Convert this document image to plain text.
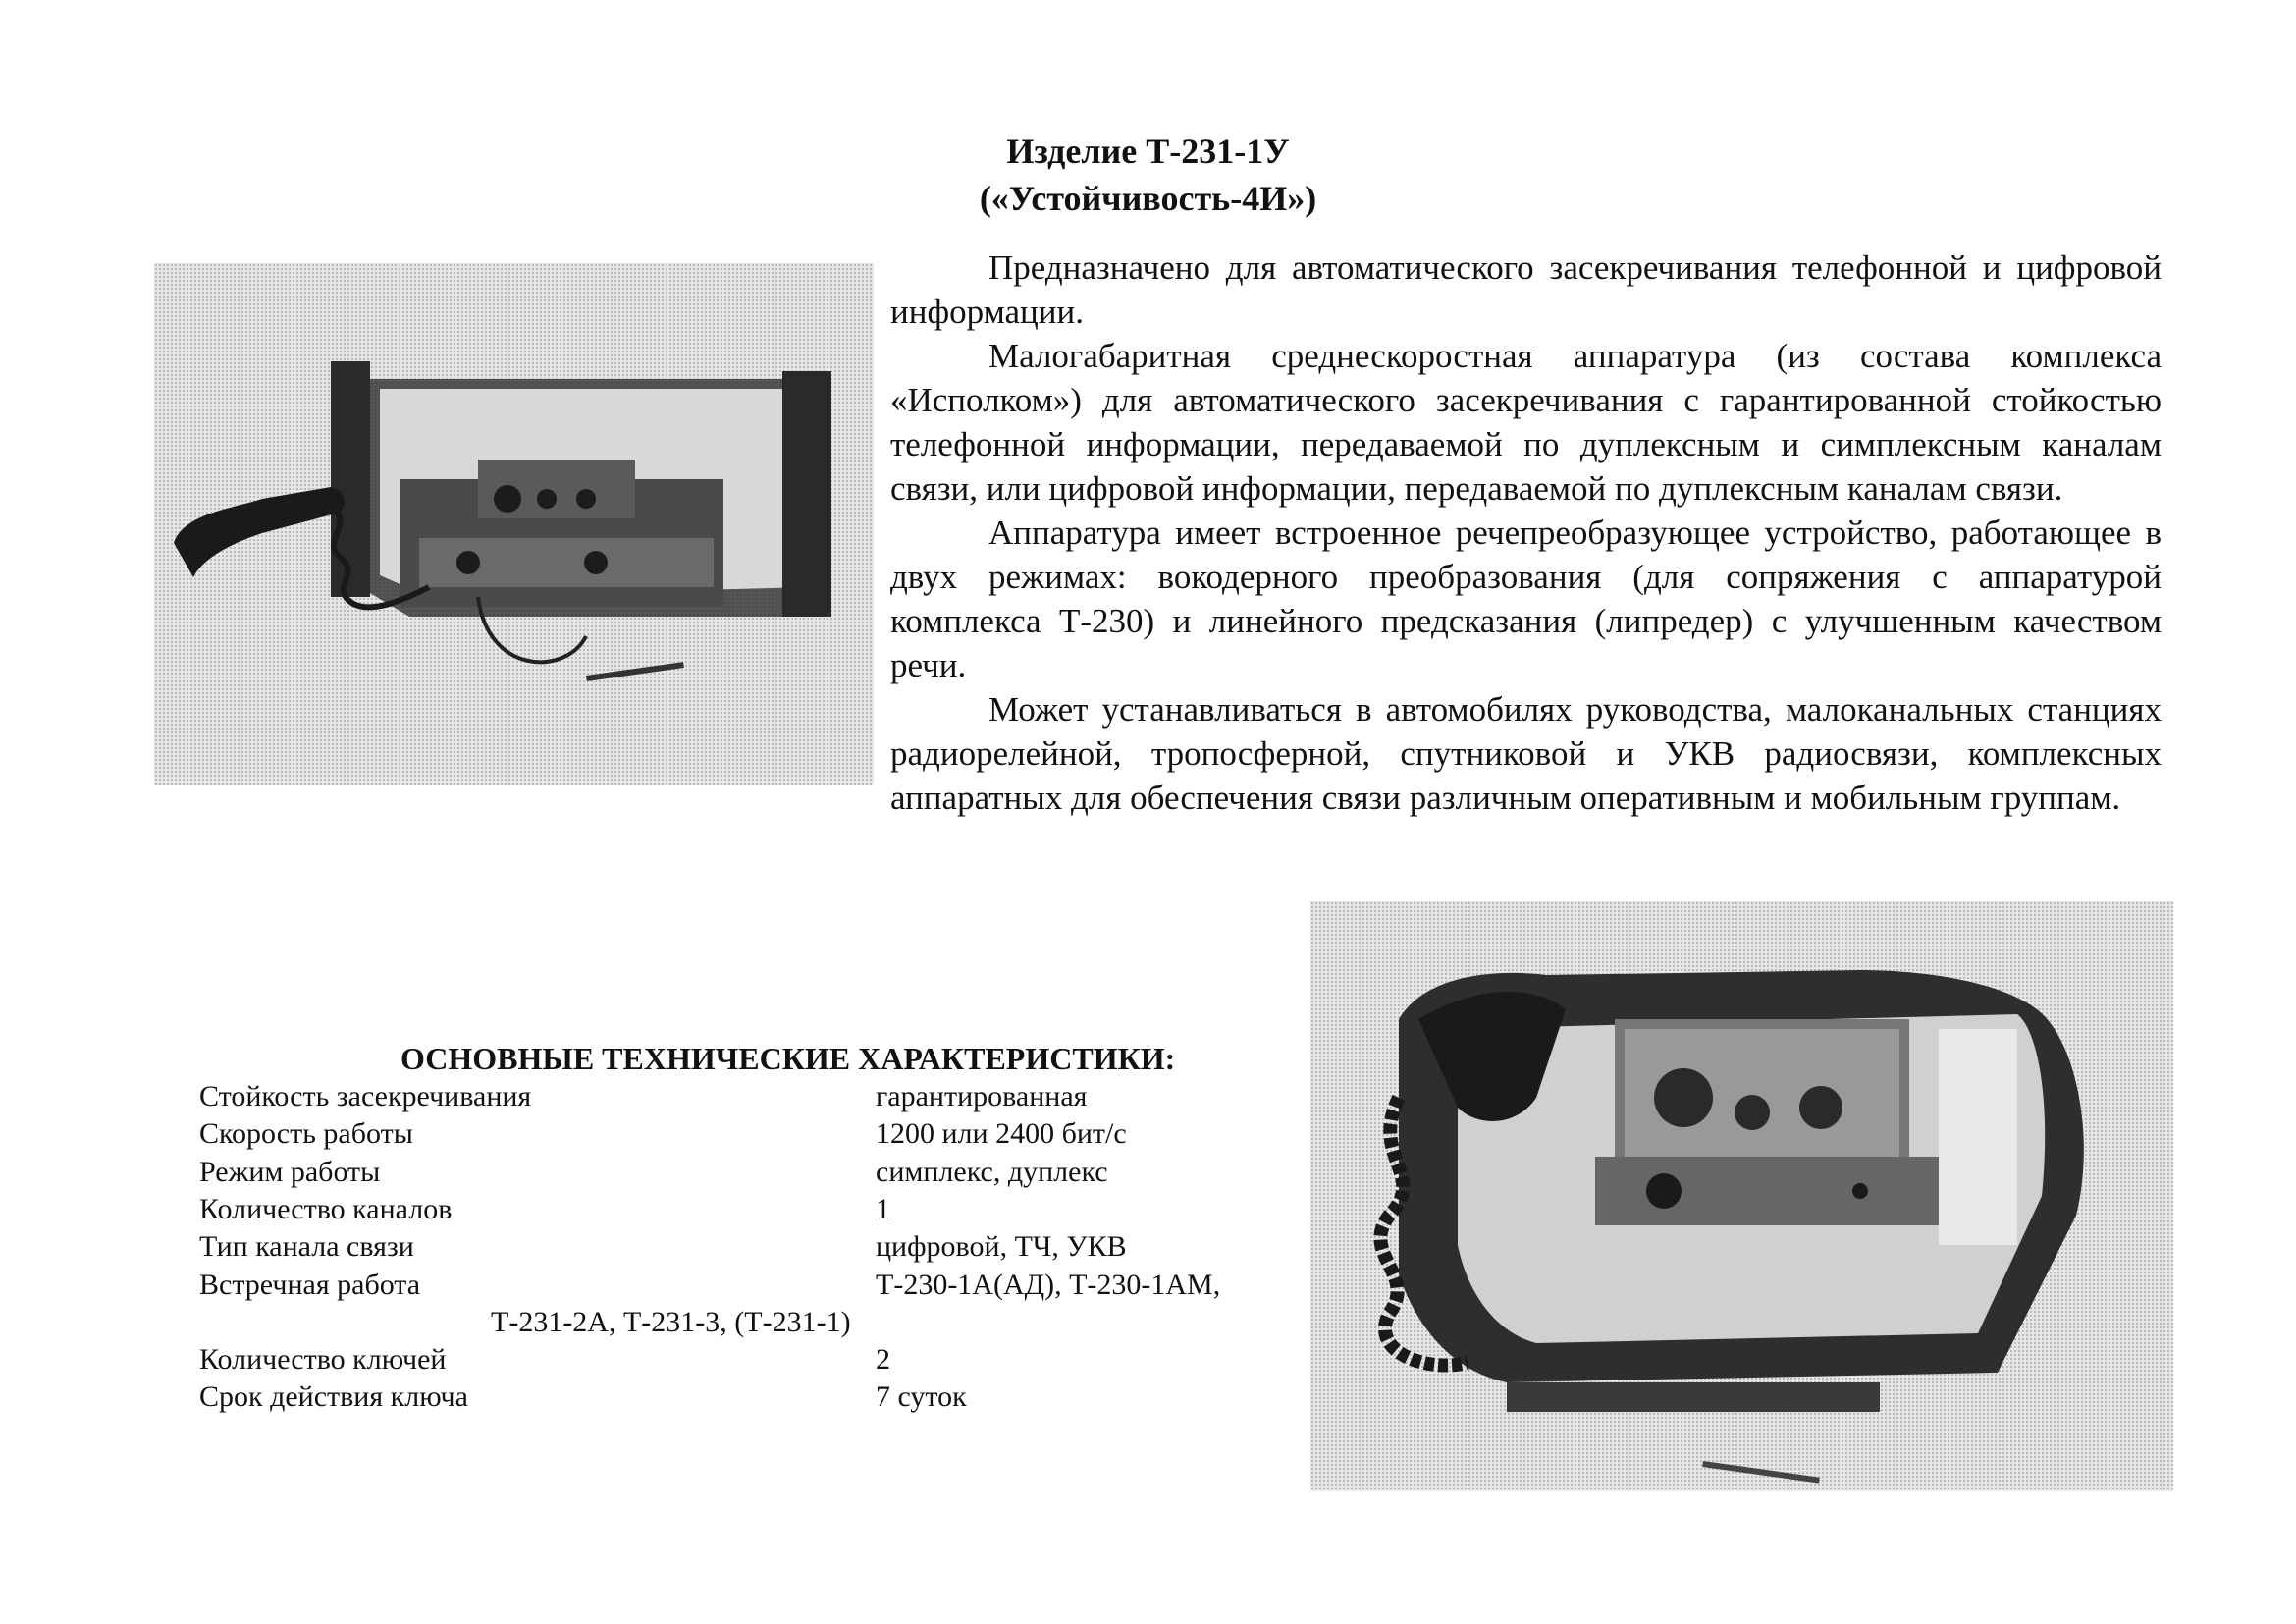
Изделие Т-231-1У
(«Устойчивость-4И»)

Предназначено для автоматического засекречивания телефонной и цифровой информации.

Малогабаритная среднескоростная аппаратура (из состава комплекса «Исполком») для автоматического засекречивания с гарантированной стойкостью телефонной информации, передаваемой по дуплексным и симплексным каналам связи, или цифровой информации, передаваемой по дуплексным каналам связи.

Аппаратура имеет встроенное речепреобразующее устройство, работающее в двух режимах: вокодерного преобразования (для сопряжения с аппаратурой комплекса Т-230) и линейного предсказания (липредер) с улучшенным качеством речи.

Может устанавливаться в автомобилях руководства, малоканальных станциях радиорелейной, тропосферной, спутниковой и УКВ радиосвязи, комплексных аппаратных для обеспечения связи различным оперативным и мобильным группам.

ОСНОВНЫЕ ТЕХНИЧЕСКИЕ ХАРАКТЕРИСТИКИ:
Стойкость засекречивания	гарантированная
Скорость работы	1200 или 2400 бит/с
Режим работы	симплекс, дуплекс
Количество каналов	1
Тип канала связи	цифровой, ТЧ, УКВ
Встречная работа	Т-230-1А(АД), Т-230-1АМ,
Т-231-2А, Т-231-3, (Т-231-1)
Количество ключей	2
Срок действия ключа	7 суток
